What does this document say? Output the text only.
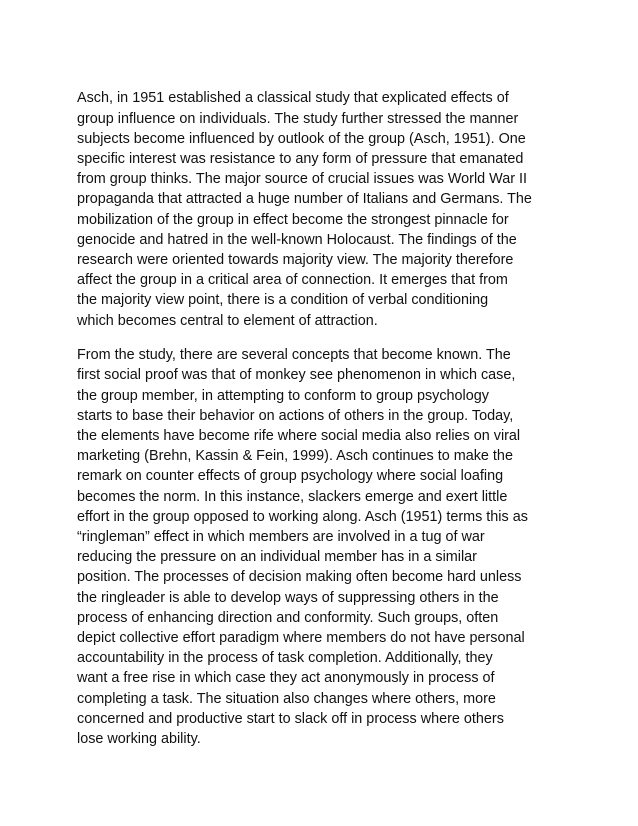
Asch, in 1951 established a classical study that explicated effects of
group influence on individuals. The study further stressed the manner
subjects become influenced by outlook of the group (Asch, 1951). One
specific interest was resistance to any form of pressure that emanated
from group thinks. The major source of crucial issues was World War II
propaganda that attracted a huge number of Italians and Germans. The
mobilization of the group in effect become the strongest pinnacle for
genocide and hatred in the well-known Holocaust. The findings of the
research were oriented towards majority view. The majority therefore
affect the group in a critical area of connection. It emerges that from
the majority view point, there is a condition of verbal conditioning
which becomes central to element of attraction.

From the study, there are several concepts that become known. The
first social proof was that of monkey see phenomenon in which case,
the group member, in attempting to conform to group psychology
starts to base their behavior on actions of others in the group. Today,
the elements have become rife where social media also relies on viral
marketing (Brehn, Kassin & Fein, 1999). Asch continues to make the
remark on counter effects of group psychology where social loafing
becomes the norm. In this instance, slackers emerge and exert little
effort in the group opposed to working along. Asch (1951) terms this as
“ringleman” effect in which members are involved in a tug of war
reducing the pressure on an individual member has in a similar
position. The processes of decision making often become hard unless
the ringleader is able to develop ways of suppressing others in the
process of enhancing direction and conformity. Such groups, often
depict collective effort paradigm where members do not have personal
accountability in the process of task completion. Additionally, they
want a free rise in which case they act anonymously in process of
completing a task. The situation also changes where others, more
concerned and productive start to slack off in process where others
lose working ability.
